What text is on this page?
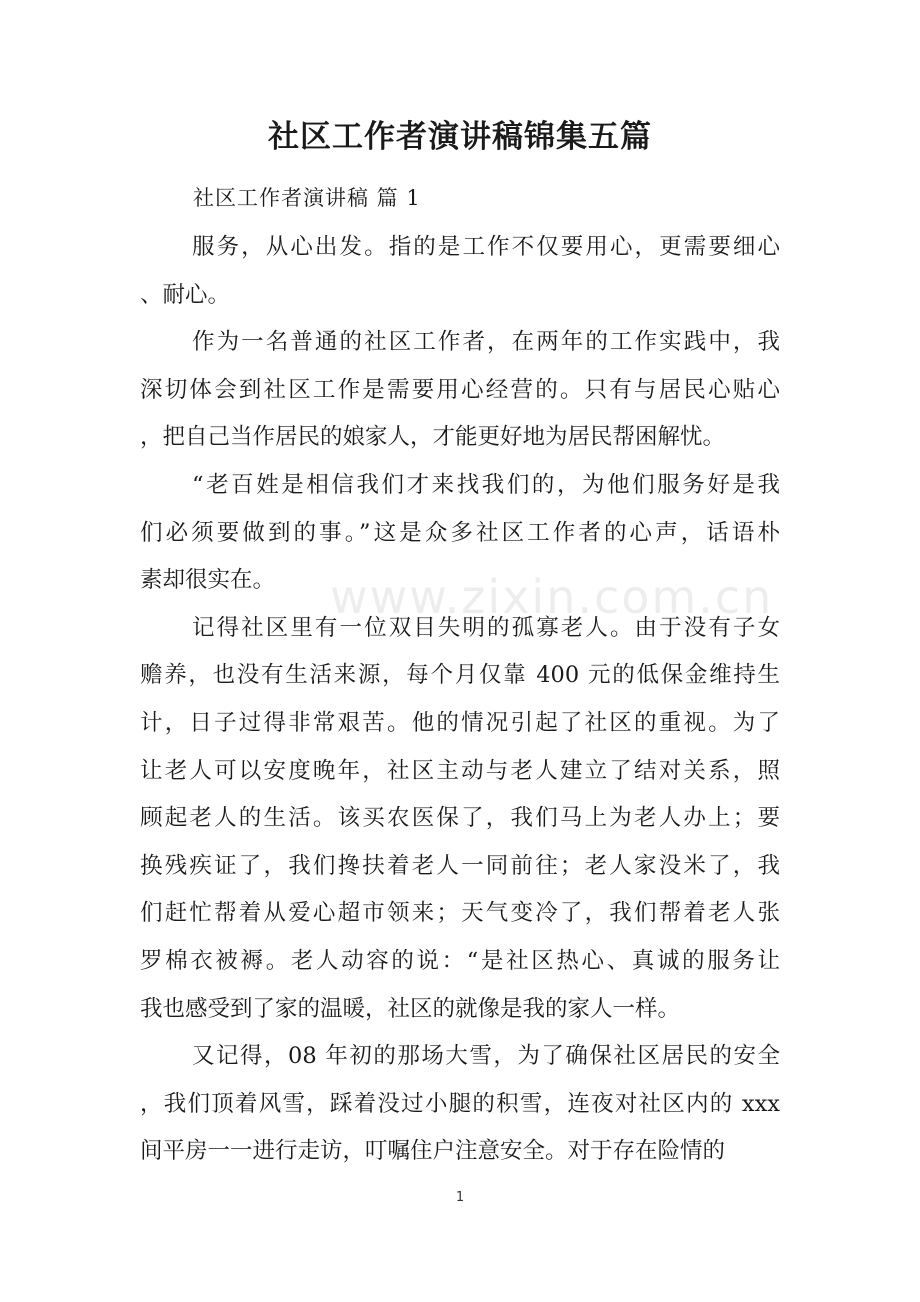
www.zixin.com.cn
社区工作者演讲稿锦集五篇
社区工作者演讲稿 篇 1
服务，从心出发。指的是工作不仅要用心，更需要细心
、耐心。
作为一名普通的社区工作者，在两年的工作实践中，我
深切体会到社区工作是需要用心经营的。只有与居民心贴心
，把自己当作居民的娘家人，才能更好地为居民帮困解忧。
“老百姓是相信我们才来找我们的，为他们服务好是我
们必须要做到的事。”这是众多社区工作者的心声，话语朴
素却很实在。
记得社区里有一位双目失明的孤寡老人。由于没有子女
赡养，也没有生活来源，每个月仅靠 400 元的低保金维持生
计，日子过得非常艰苦。他的情况引起了社区的重视。为了
让老人可以安度晚年，社区主动与老人建立了结对关系，照
顾起老人的生活。该买农医保了，我们马上为老人办上；要
换残疾证了，我们搀扶着老人一同前往；老人家没米了，我
们赶忙帮着从爱心超市领来；天气变冷了，我们帮着老人张
罗棉衣被褥。老人动容的说：“是社区热心、真诚的服务让
我也感受到了家的温暖，社区的就像是我的家人一样。
又记得，08 年初的那场大雪，为了确保社区居民的安全
，我们顶着风雪，踩着没过小腿的积雪，连夜对社区内的 xxx
间平房一一进行走访，叮嘱住户注意安全。对于存在险情的
1
